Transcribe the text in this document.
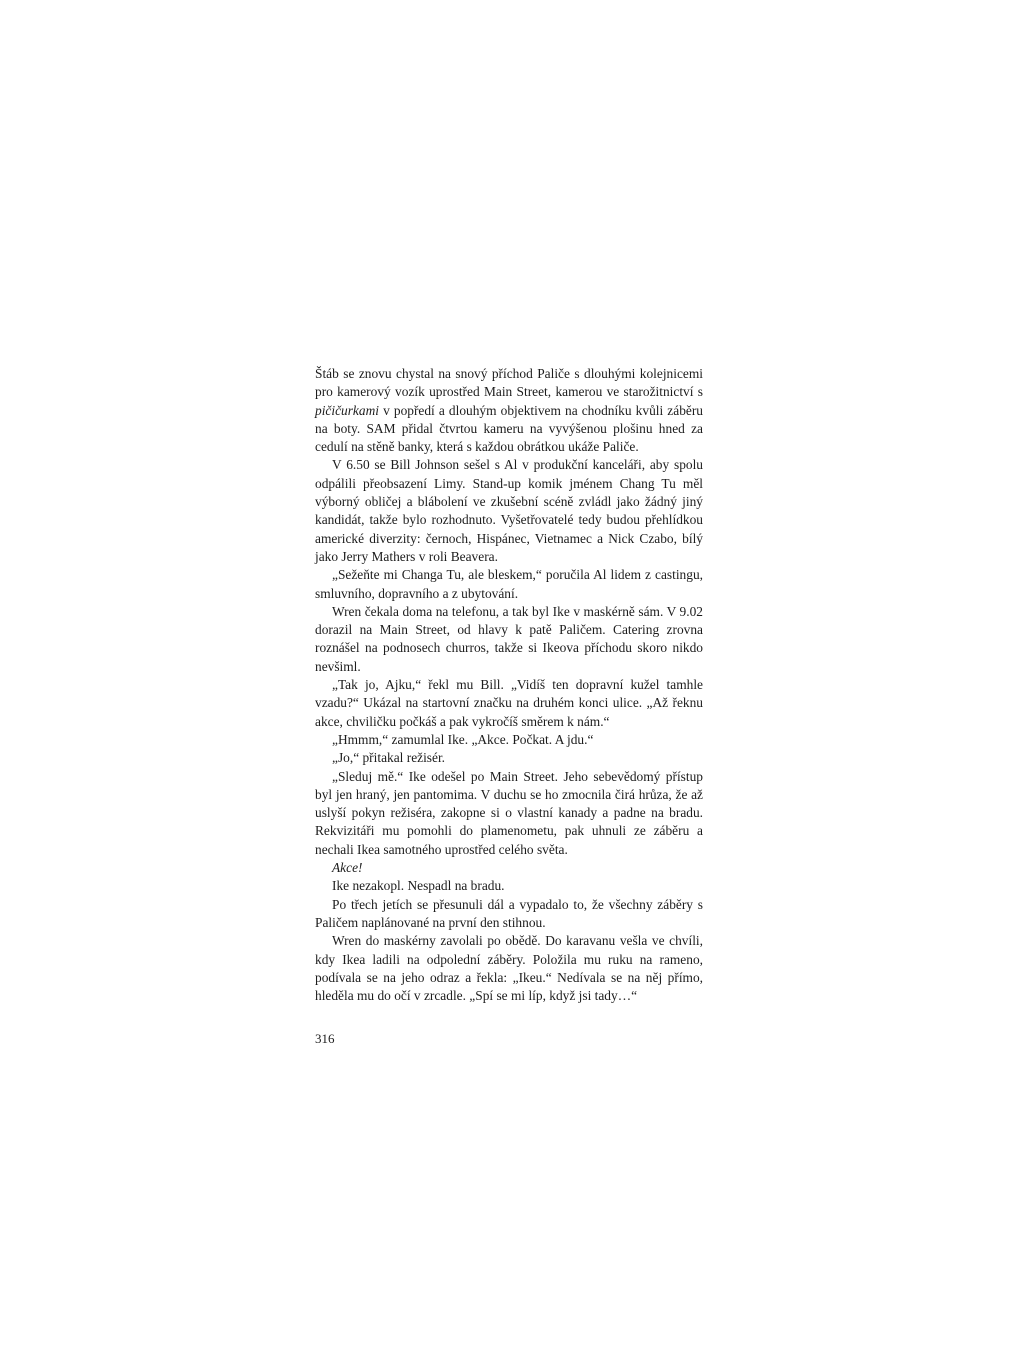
Štáb se znovu chystal na snový příchod Paliče s dlouhými kolejnicemi pro kamerový vozík uprostřed Main Street, kamerou ve starožitnictví s pičičurkami v popředí a dlouhým objektivem na chodníku kvůli záběru na boty. SAM přidal čtvrtou kameru na vyvýšenou plošinu hned za cedulí na stěně banky, která s každou obrátkou ukáže Paliče.

V 6.50 se Bill Johnson sešel s Al v produkční kanceláři, aby spolu odpálili přeobsazení Limy. Stand-up komik jménem Chang Tu měl výborný obličej a blábolení ve zkušební scéně zvládl jako žádný jiný kandidát, takže bylo rozhodnuto. Vyšetřovatelé tedy budou přehlídkou americké diverzity: černoch, Hispánec, Vietnamec a Nick Czabo, bílý jako Jerry Mathers v roli Beavera.

„Sežeňte mi Changa Tu, ale bleskem,“ poručila Al lidem z castingu, smluvního, dopravního a z ubytování.

Wren čekala doma na telefonu, a tak byl Ike v maskérně sám. V 9.02 dorazil na Main Street, od hlavy k patě Paličem. Catering zrovna roznášel na podnosech churros, takže si Ikeova příchodu skoro nikdo nevšiml.

„Tak jo, Ajku,“ řekl mu Bill. „Vidíš ten dopravní kužel tamhle vzadu?“ Ukázal na startovní značku na druhém konci ulice. „Až řeknu akce, chviličku počkáš a pak vykročíš směrem k nám.“

„Hmmm,“ zamumlal Ike. „Akce. Počkat. A jdu.“

„Jo,“ přitakal režisér.

„Sleduj mě.“ Ike odešel po Main Street. Jeho sebevědomý přístup byl jen hraný, jen pantomima. V duchu se ho zmocnila čirá hrůza, že až uslyší pokyn režiséra, zakopne si o vlastní kanady a padne na bradu. Rekvizitáři mu pomohli do plamenometu, pak uhnuli ze záběru a nechali Ikea samotného uprostřed celého světa.

Akce!

Ike nezakopl. Nespadl na bradu.

Po třech jetích se přesunuli dál a vypadalo to, že všechny záběry s Paličem naplánované na první den stihnou.

Wren do maskérny zavolali po obědě. Do karavanu vešla ve chvíli, kdy Ikea ladili na odpolední záběry. Položila mu ruku na rameno, podívala se na jeho odraz a řekla: „Ikeu.“ Nedívala se na něj přímo, hleděla mu do očí v zrcadle. „Spí se mi líp, když jsi tady…“

316
